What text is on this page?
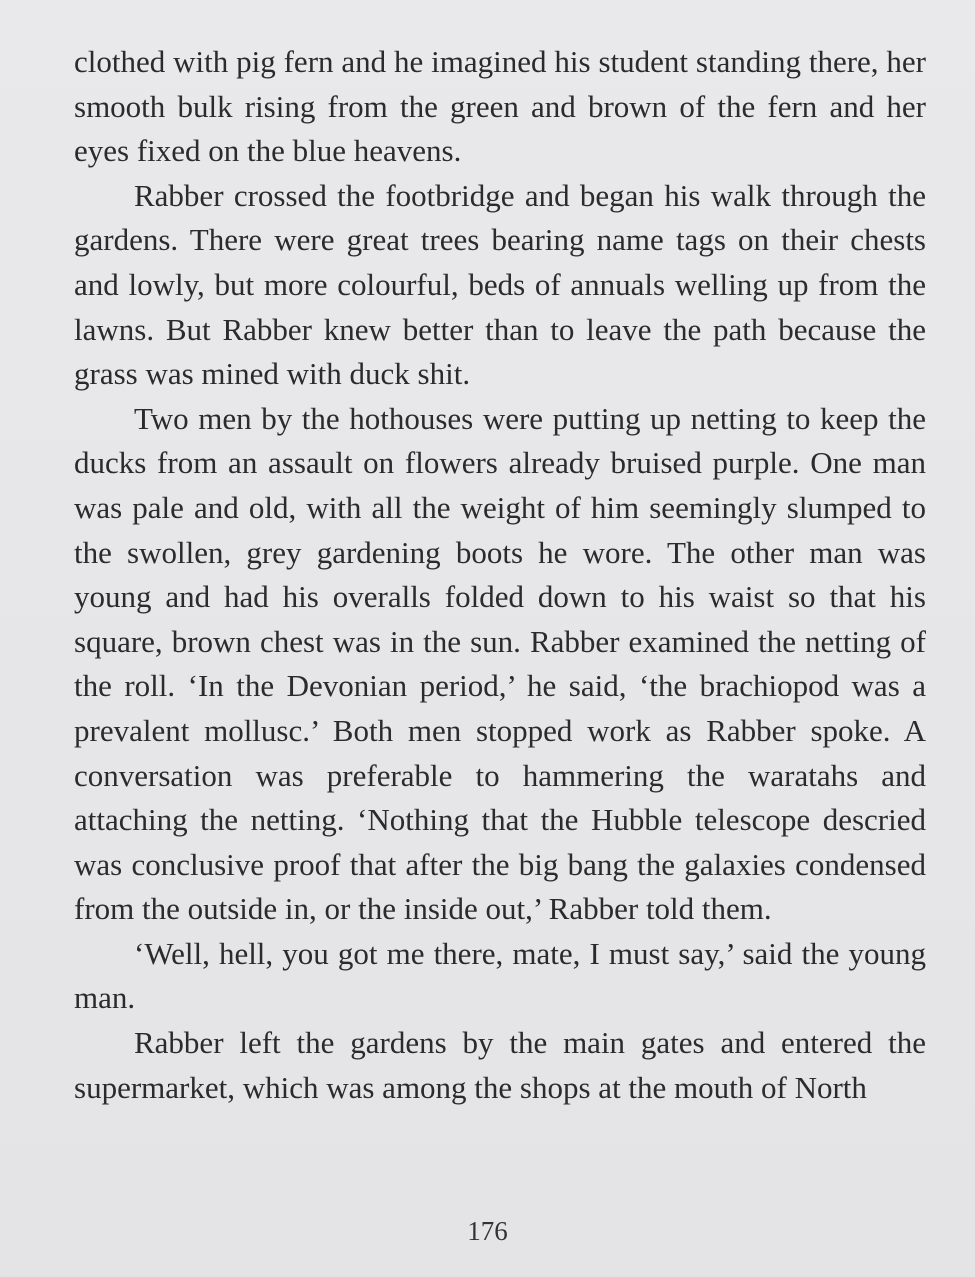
clothed with pig fern and he imagined his student standing there, her smooth bulk rising from the green and brown of the fern and her eyes fixed on the blue heavens.

Rabber crossed the footbridge and began his walk through the gardens. There were great trees bearing name tags on their chests and lowly, but more colourful, beds of annuals welling up from the lawns. But Rabber knew better than to leave the path because the grass was mined with duck shit.

Two men by the hothouses were putting up netting to keep the ducks from an assault on flowers already bruised purple. One man was pale and old, with all the weight of him seemingly slumped to the swollen, grey gardening boots he wore. The other man was young and had his overalls folded down to his waist so that his square, brown chest was in the sun. Rabber examined the netting of the roll. ‘In the Devonian period,’ he said, ‘the brachiopod was a prevalent mollusc.’ Both men stopped work as Rabber spoke. A conversation was preferable to hammering the waratahs and attaching the netting. ‘Nothing that the Hubble telescope descried was conclusive proof that after the big bang the galaxies condensed from the outside in, or the inside out,’ Rabber told them.

‘Well, hell, you got me there, mate, I must say,’ said the young man.

Rabber left the gardens by the main gates and entered the supermarket, which was among the shops at the mouth of North

176
